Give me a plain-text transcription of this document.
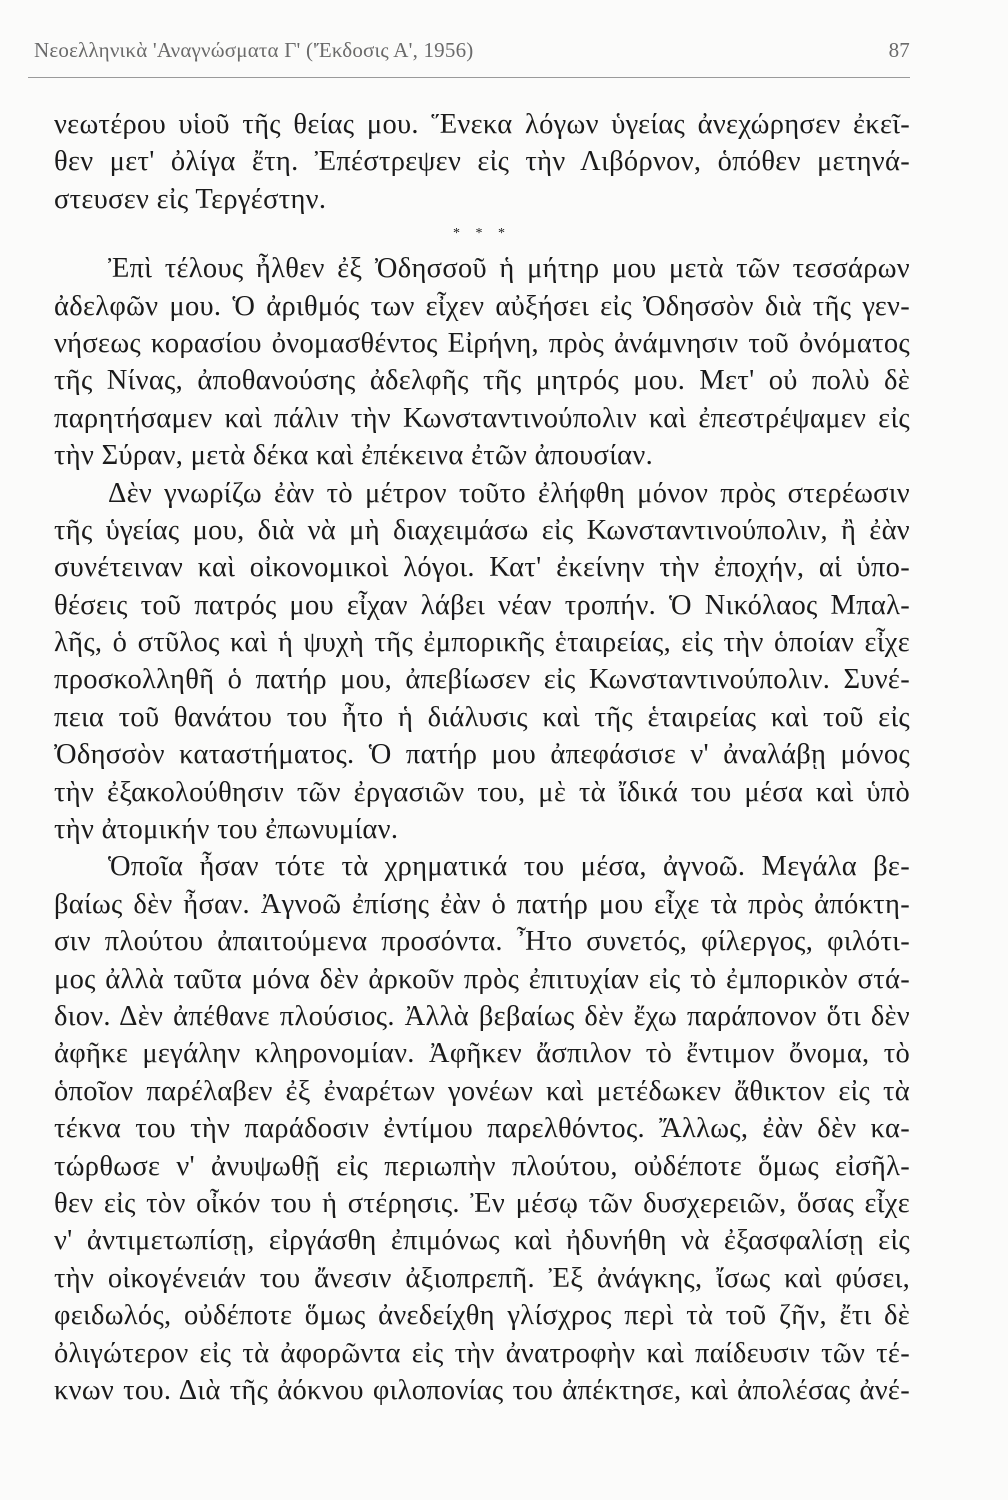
Νεοελληνικὰ 'Αναγνώσματα Γ' ('Έκδοσις Α', 1956)	87
νεωτέρου υἱοῦ τῆς θείας μου. Ἕνεκα λόγων ὑγείας ἀνεχώρησεν ἐκεῖ-
θεν μετ' ὀλίγα ἔτη. Ἐπέστρεψεν εἰς τὴν Λιβόρνον, ὁπόθεν μετηνά-
στευσεν εἰς Τεργέστην.
* * *
Ἐπὶ τέλους ἦλθεν ἐξ Ὀδησσοῦ ἡ μήτηρ μου μετὰ τῶν τεσσάρων
ἀδελφῶν μου. Ὁ ἀριθμός των εἶχεν αὐξήσει εἰς Ὀδησσὸν διὰ τῆς γεν-
νήσεως κορασίου ὀνομασθέντος Εἰρήνη, πρὸς ἀνάμνησιν τοῦ ὀνόματος
τῆς Νίνας, ἀποθανούσης ἀδελφῆς τῆς μητρός μου. Μετ' οὐ πολὺ δὲ
παρητήσαμεν καὶ πάλιν τὴν Κωνσταντινούπολιν καὶ ἐπεστρέψαμεν εἰς
τὴν Σύραν, μετὰ δέκα καὶ ἐπέκεινα ἐτῶν ἀπουσίαν.
Δὲν γνωρίζω ἐὰν τὸ μέτρον τοῦτο ἐλήφθη μόνον πρὸς στερέωσιν
τῆς ὑγείας μου, διὰ νὰ μὴ διαχειμάσω εἰς Κωνσταντινούπολιν, ἢ ἐὰν
συνέτειναν καὶ οἰκονομικοὶ λόγοι. Κατ' ἐκείνην τὴν ἐποχήν, αἱ ὑπο-
θέσεις τοῦ πατρός μου εἶχαν λάβει νέαν τροπήν. Ὁ Νικόλαος Μπαλ-
λῆς, ὁ στῦλος καὶ ἡ ψυχὴ τῆς ἐμπορικῆς ἑταιρείας, εἰς τὴν ὁποίαν εἶχε
προσκολληθῆ ὁ πατήρ μου, ἀπεβίωσεν εἰς Κωνσταντινούπολιν. Συνέ-
πεια τοῦ θανάτου του ἦτο ἡ διάλυσις καὶ τῆς ἑταιρείας καὶ τοῦ εἰς
Ὀδησσὸν καταστήματος. Ὁ πατήρ μου ἀπεφάσισε ν' ἀναλάβῃ μόνος
τὴν ἐξακολούθησιν τῶν ἐργασιῶν του, μὲ τὰ ἴδικά του μέσα καὶ ὑπὸ
τὴν ἀτομικήν του ἐπωνυμίαν.
Ὁποῖα ἦσαν τότε τὰ χρηματικά του μέσα, ἀγνοῶ. Μεγάλα βε-
βαίως δὲν ἦσαν. Ἀγνοῶ ἐπίσης ἐὰν ὁ πατήρ μου εἶχε τὰ πρὸς ἀπόκτη-
σιν πλούτου ἀπαιτούμενα προσόντα. Ἦτο συνετός, φίλεργος, φιλότι-
μος ἀλλὰ ταῦτα μόνα δὲν ἀρκοῦν πρὸς ἐπιτυχίαν εἰς τὸ ἐμπορικὸν στά-
διον. Δὲν ἀπέθανε πλούσιος. Ἀλλὰ βεβαίως δὲν ἔχω παράπονον ὅτι δὲν
ἀφῆκε μεγάλην κληρονομίαν. Ἀφῆκεν ἄσπιλον τὸ ἔντιμον ὄνομα, τὸ
ὁποῖον παρέλαβεν ἐξ ἐναρέτων γονέων καὶ μετέδωκεν ἄθικτον εἰς τὰ
τέκνα του τὴν παράδοσιν ἐντίμου παρελθόντος. Ἄλλως, ἐὰν δὲν κα-
τώρθωσε ν' ἀνυψωθῇ εἰς περιωπὴν πλούτου, οὐδέποτε ὅμως εἰσῆλ-
θεν εἰς τὸν οἶκόν του ἡ στέρησις. Ἐν μέσῳ τῶν δυσχερειῶν, ὅσας εἶχε
ν' ἀντιμετωπίσῃ, εἰργάσθη ἐπιμόνως καὶ ἠδυνήθη νὰ ἐξασφαλίσῃ εἰς
τὴν οἰκογένειάν του ἄνεσιν ἀξιοπρεπῆ. Ἐξ ἀνάγκης, ἴσως καὶ φύσει,
φειδωλός, οὐδέποτε ὅμως ἀνεδείχθη γλίσχρος περὶ τὰ τοῦ ζῆν, ἔτι δὲ
ὀλιγώτερον εἰς τὰ ἀφορῶντα εἰς τὴν ἀνατροφὴν καὶ παίδευσιν τῶν τέ-
κνων του. Διὰ τῆς ἀόκνου φιλοπονίας του ἀπέκτησε, καὶ ἀπολέσας ἀνέ-
